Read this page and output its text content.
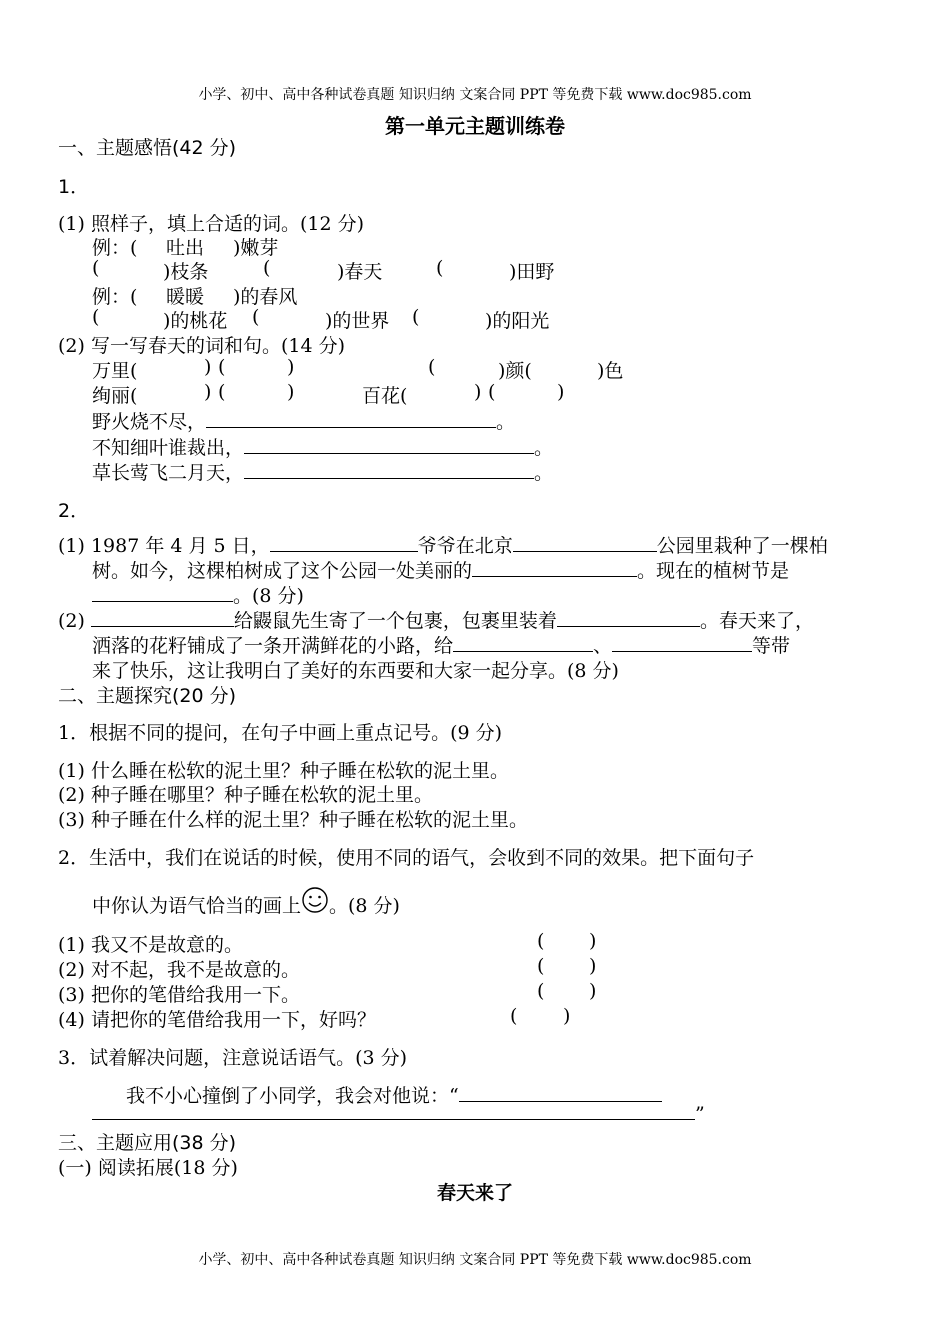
小学、初中、高中各种试卷真题 知识归纳 文案合同 PPT 等免费下载 www.doc985.com
第一单元主题训练卷
一、主题感悟(42 分)
1．
(1) 照样子，填上合适的词。(12 分)
例：( 吐出 )嫩芽
(	)枝条	(	)春天	(	)田野
例：( 暖暖 )的春风
(	)的桃花 (	)的世界 (	)的阳光
(2) 写一写春天的词和句。(14 分)
万里(	) (	)	(	)颜(	)色
绚丽(	) (	)	百花(	) (	)
野火烧不尽，	。
不知细叶谁裁出，	。
草长莺飞二月天，	。
2．
(1) 1987 年 4 月 5 日，	爷爷在北京	公园里栽种了一棵柏
树。如今，这棵柏树成了这个公园一处美丽的	。现在的植树节是
。(8 分)
(2)	给鼹鼠先生寄了一个包裹，包裹里装着	。春天来了，
洒落的花籽铺成了一条开满鲜花的小路，给	、	等带
来了快乐，这让我明白了美好的东西要和大家一起分享。(8 分)
二、主题探究(20 分)
1．根据不同的提问，在句子中画上重点记号。(9 分)
(1) 什么睡在松软的泥土里？种子睡在松软的泥土里。
(2) 种子睡在哪里？种子睡在松软的泥土里。
(3) 种子睡在什么样的泥土里？种子睡在松软的泥土里。
2．生活中，我们在说话的时候，使用不同的语气，会收到不同的效果。把下面句子
中你认为语气恰当的画上 。(8 分)
(1) 我又不是故意的。	( )
(2) 对不起，我不是故意的。	( )
(3) 把你的笔借给我用一下。	( )
(4) 请把你的笔借给我用一下，好吗？	( )
3．试着解决问题，注意说话语气。(3 分)
我不小心撞倒了小同学，我会对他说：“
”
三、主题应用(38 分)
(一) 阅读拓展(18 分)
春天来了
小学、初中、高中各种试卷真题 知识归纳 文案合同 PPT 等免费下载 www.doc985.com
